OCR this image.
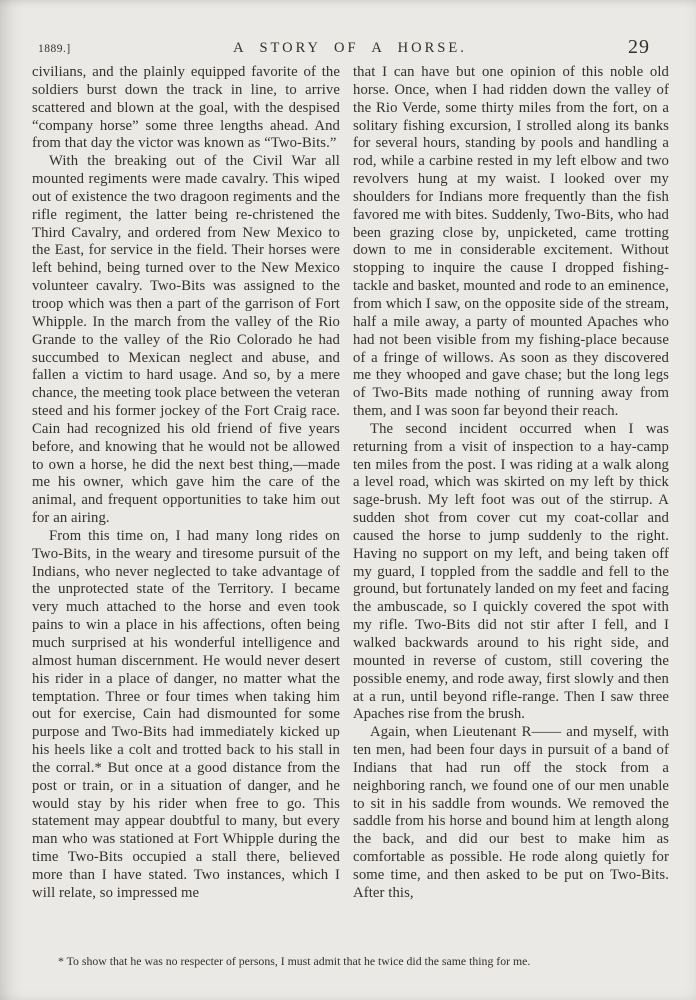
1889.]	A STORY OF A HORSE.	29

civilians, and the plainly equipped favorite of the soldiers burst down the track in line, to arrive scattered and blown at the goal, with the despised “company horse” some three lengths ahead. And from that day the victor was known as “Two-Bits.”

With the breaking out of the Civil War all mounted regiments were made cavalry. This wiped out of existence the two dragoon regiments and the rifle regiment, the latter being re-christened the Third Cavalry, and ordered from New Mexico to the East, for service in the field. Their horses were left behind, being turned over to the New Mexico volunteer cavalry. Two-Bits was assigned to the troop which was then a part of the garrison of Fort Whipple. In the march from the valley of the Rio Grande to the valley of the Rio Colorado he had succumbed to Mexican neglect and abuse, and fallen a victim to hard usage. And so, by a mere chance, the meeting took place between the veteran steed and his former jockey of the Fort Craig race. Cain had recognized his old friend of five years before, and knowing that he would not be allowed to own a horse, he did the next best thing,—made me his owner, which gave him the care of the animal, and frequent opportunities to take him out for an airing.

From this time on, I had many long rides on Two-Bits, in the weary and tiresome pursuit of the Indians, who never neglected to take advantage of the unprotected state of the Territory. I became very much attached to the horse and even took pains to win a place in his affections, often being much surprised at his wonderful intelligence and almost human discernment. He would never desert his rider in a place of danger, no matter what the temptation. Three or four times when taking him out for exercise, Cain had dismounted for some purpose and Two-Bits had immediately kicked up his heels like a colt and trotted back to his stall in the corral.* But once at a good distance from the post or train, or in a situation of danger, and he would stay by his rider when free to go. This statement may appear doubtful to many, but every man who was stationed at Fort Whipple during the time Two-Bits occupied a stall there, believed more than I have stated. Two instances, which I will relate, so impressed me

that I can have but one opinion of this noble old horse. Once, when I had ridden down the valley of the Rio Verde, some thirty miles from the fort, on a solitary fishing excursion, I strolled along its banks for several hours, standing by pools and handling a rod, while a carbine rested in my left elbow and two revolvers hung at my waist. I looked over my shoulders for Indians more frequently than the fish favored me with bites. Suddenly, Two-Bits, who had been grazing close by, unpicketed, came trotting down to me in considerable excitement. Without stopping to inquire the cause I dropped fishing-tackle and basket, mounted and rode to an eminence, from which I saw, on the opposite side of the stream, half a mile away, a party of mounted Apaches who had not been visible from my fishing-place because of a fringe of willows. As soon as they discovered me they whooped and gave chase; but the long legs of Two-Bits made nothing of running away from them, and I was soon far beyond their reach.

The second incident occurred when I was returning from a visit of inspection to a hay-camp ten miles from the post. I was riding at a walk along a level road, which was skirted on my left by thick sage-brush. My left foot was out of the stirrup. A sudden shot from cover cut my coat-collar and caused the horse to jump suddenly to the right. Having no support on my left, and being taken off my guard, I toppled from the saddle and fell to the ground, but fortunately landed on my feet and facing the ambuscade, so I quickly covered the spot with my rifle. Two-Bits did not stir after I fell, and I walked backwards around to his right side, and mounted in reverse of custom, still covering the possible enemy, and rode away, first slowly and then at a run, until beyond rifle-range. Then I saw three Apaches rise from the brush.

Again, when Lieutenant R—— and myself, with ten men, had been four days in pursuit of a band of Indians that had run off the stock from a neighboring ranch, we found one of our men unable to sit in his saddle from wounds. We removed the saddle from his horse and bound him at length along the back, and did our best to make him as comfortable as possible. He rode along quietly for some time, and then asked to be put on Two-Bits. After this,

* To show that he was no respecter of persons, I must admit that he twice did the same thing for me.
